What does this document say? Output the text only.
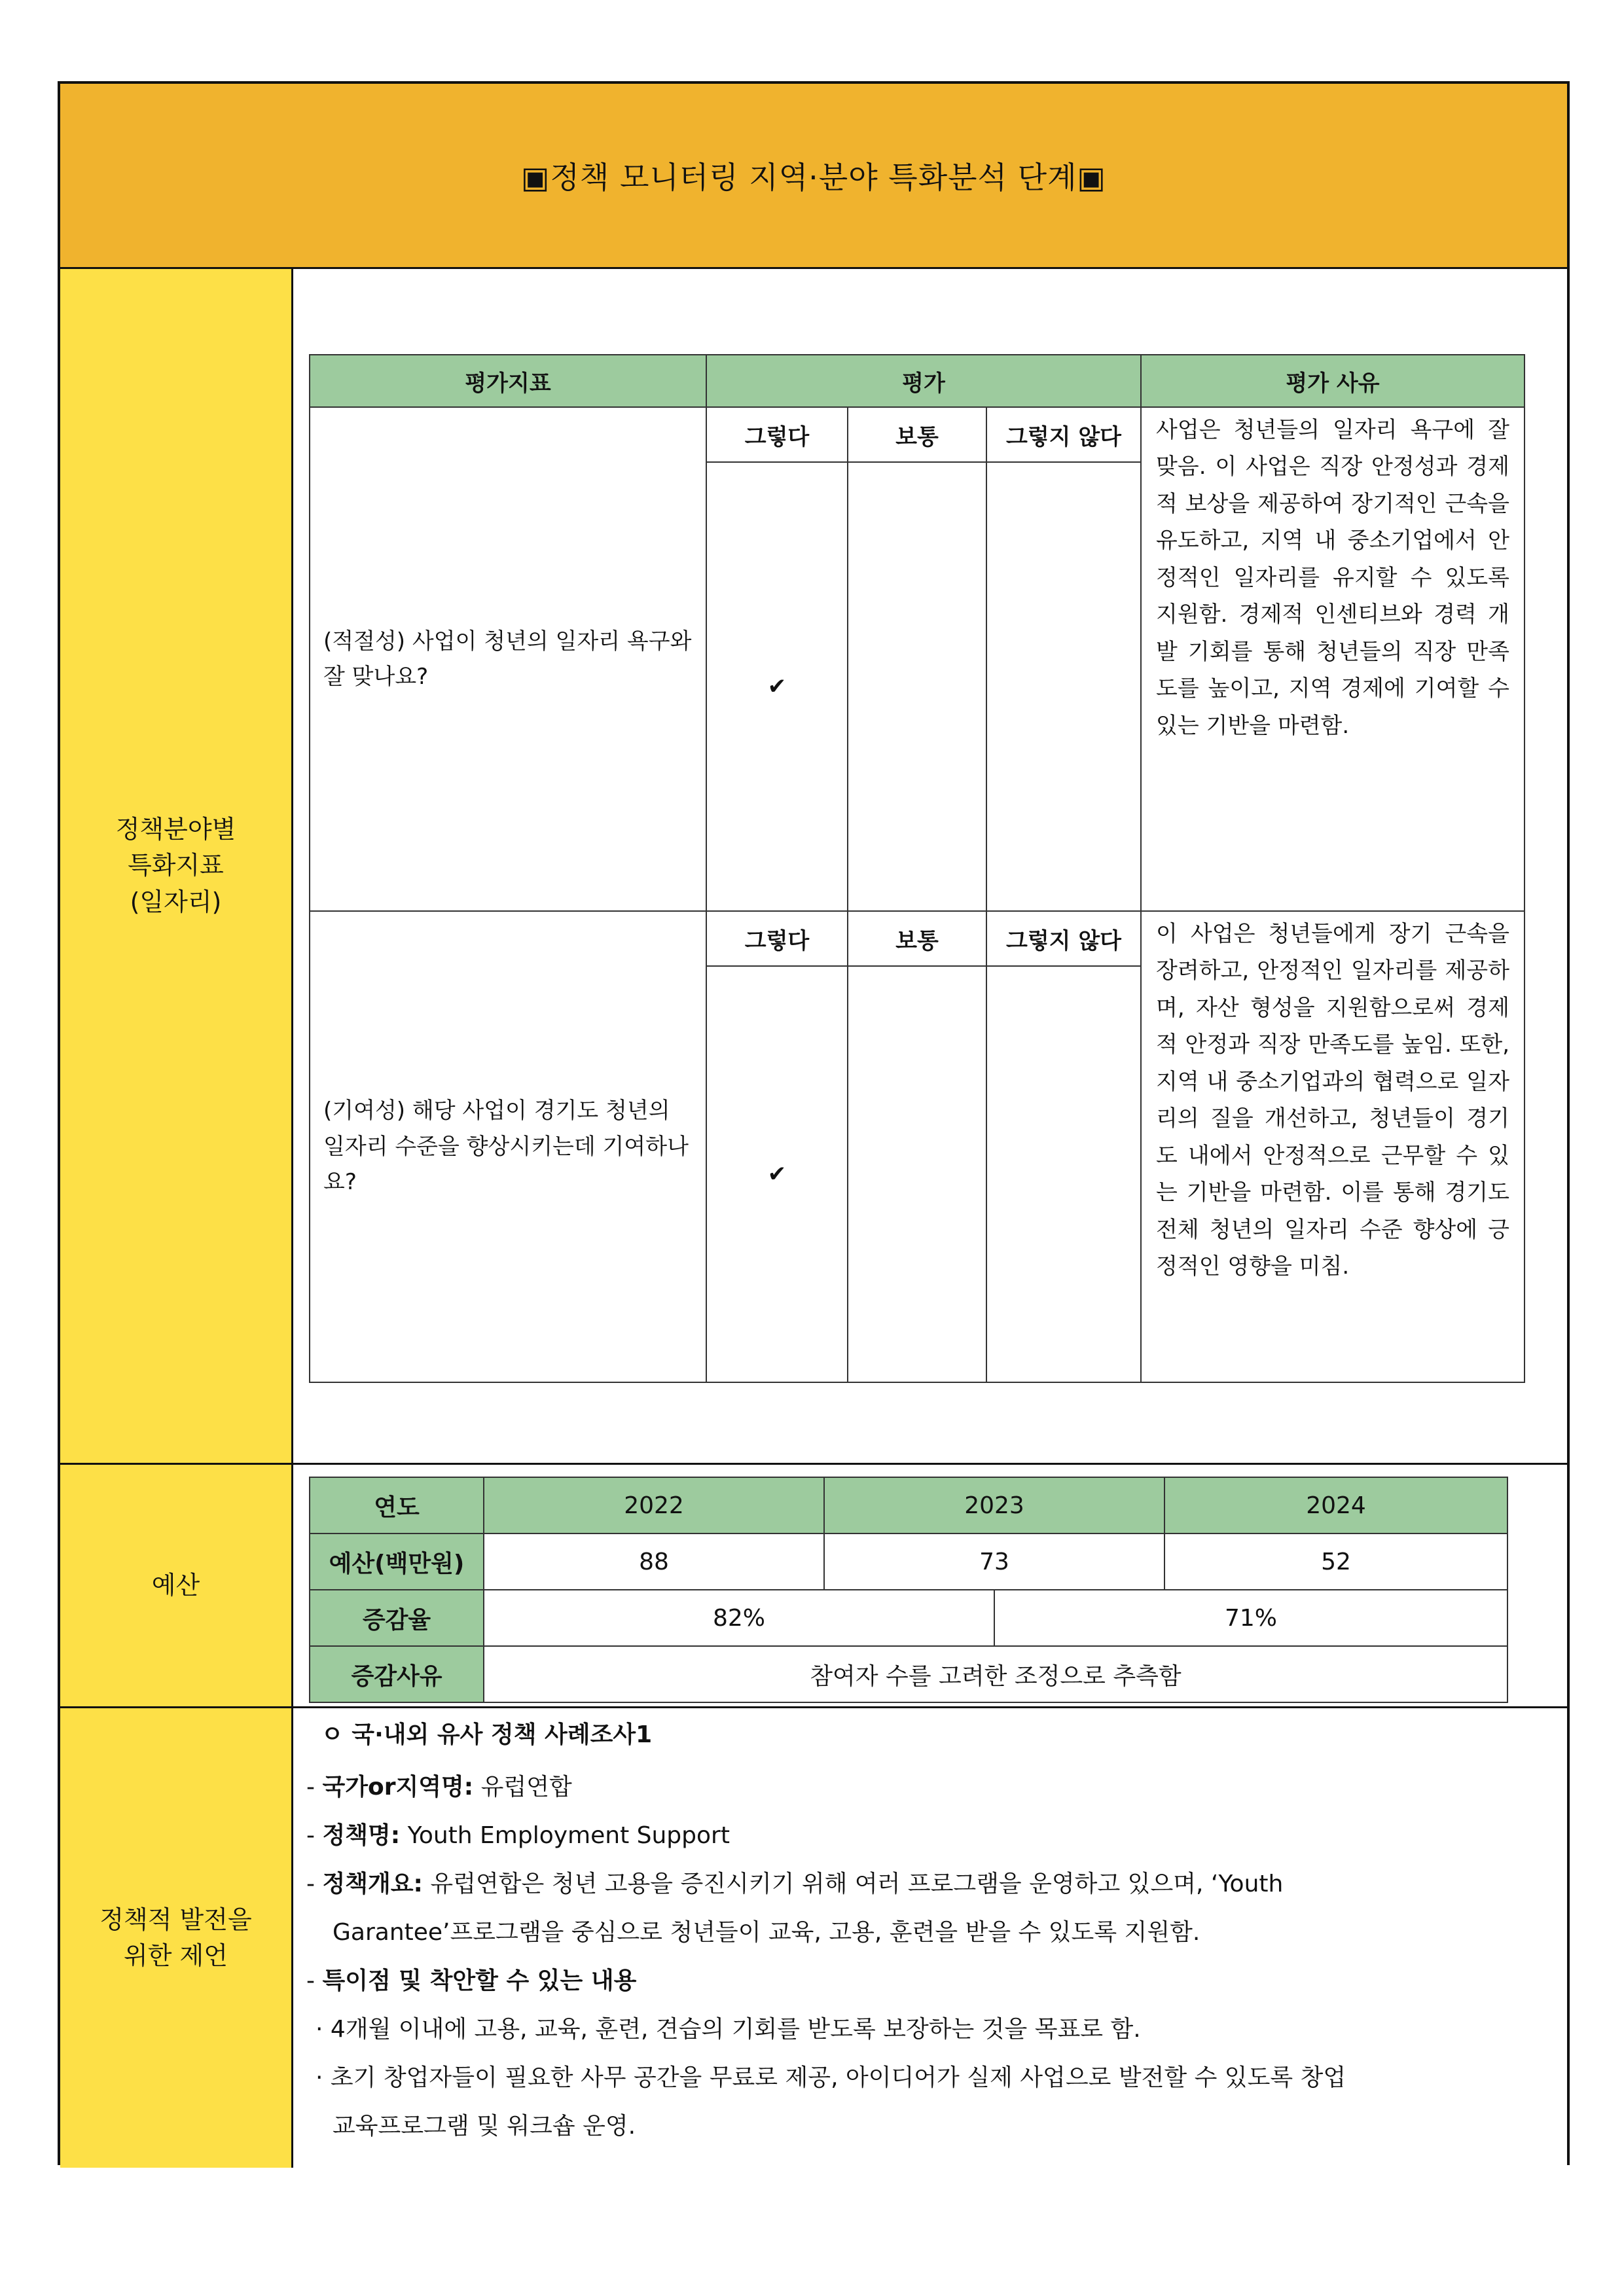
▣정책 모니터링 지역·분야 특화분석 단계▣
정책분야별
특화지표
(일자리)
평가지표	평가			평가 사유
(적절성) 사업이 청년의 일자리 욕구와 잘 맞나요?	그렇다	보통	그렇지 않다	사업은 청년들의 일자리 욕구에 잘 맞음. 이 사업은 직장 안정성과 경제적 보상을 제공하여 장기적인 근속을 유도하고, 지역 내 중소기업에서 안정적인 일자리를 유지할 수 있도록 지원함. 경제적 인센티브와 경력 개발 기회를 통해 청년들의 직장 만족도를 높이고, 지역 경제에 기여할 수 있는 기반을 마련함.
	✔			
(기여성) 해당 사업이 경기도 청년의 일자리 수준을 향상시키는데 기여하나요?	그렇다	보통	그렇지 않다	이 사업은 청년들에게 장기 근속을 장려하고, 안정적인 일자리를 제공하며, 자산 형성을 지원함으로써 경제적 안정과 직장 만족도를 높임. 또한, 지역 내 중소기업과의 협력으로 일자리의 질을 개선하고, 청년들이 경기도 내에서 안정적으로 근무할 수 있는 기반을 마련함. 이를 통해 경기도 전체 청년의 일자리 수준 향상에 긍정적인 영향을 미침.
	✔			
예산
연도	2022	2023		2024
예산(백만원)	88	73		52
증감율	82%		71%	
증감사유	참여자 수를 고려한 조정으로 추측함			
정책적 발전을
위한 제언
ㅇ 국·내외 유사 정책 사례조사1
- 국가or지역명: 유럽연합
- 정책명: Youth Employment Support
- 정책개요: 유럽연합은 청년 고용을 증진시키기 위해 여러 프로그램을 운영하고 있으며, ‘Youth
Garantee’프로그램을 중심으로 청년들이 교육, 고용, 훈련을 받을 수 있도록 지원함.
- 특이점 및 착안할 수 있는 내용
· 4개월 이내에 고용, 교육, 훈련, 견습의 기회를 받도록 보장하는 것을 목표로 함.
· 초기 창업자들이 필요한 사무 공간을 무료로 제공, 아이디어가 실제 사업으로 발전할 수 있도록 창업
교육프로그램 및 워크숍 운영.
